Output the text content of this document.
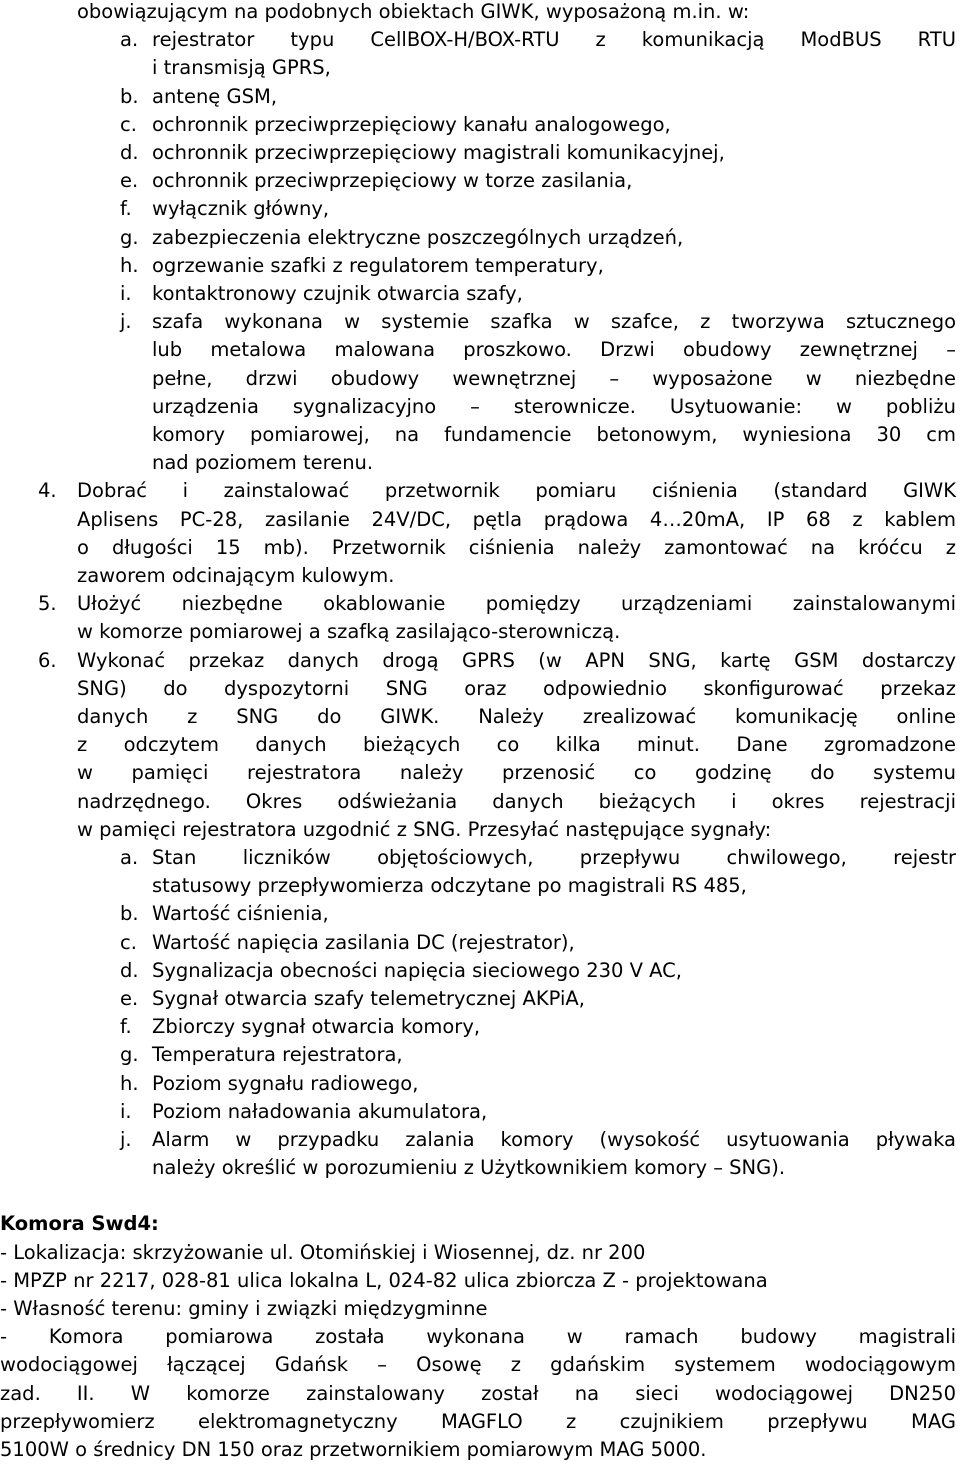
obowiązującym na podobnych obiektach GIWK, wyposażoną m.in. w:
a. rejestrator typu CellBOX-H/BOX-RTU z komunikacją ModBUS RTU
i transmisją GPRS,
b. antenę GSM,
c. ochronnik przeciwprzepięciowy kanału analogowego,
d. ochronnik przeciwprzepięciowy magistrali komunikacyjnej,
e. ochronnik przeciwprzepięciowy w torze zasilania,
f. wyłącznik główny,
g. zabezpieczenia elektryczne poszczególnych urządzeń,
h. ogrzewanie szafki z regulatorem temperatury,
i. kontaktronowy czujnik otwarcia szafy,
j. szafa wykonana w systemie szafka w szafce, z tworzywa sztucznego
lub metalowa malowana proszkowo. Drzwi obudowy zewnętrznej –
pełne, drzwi obudowy wewnętrznej – wyposażone w niezbędne
urządzenia sygnalizacyjno – sterownicze. Usytuowanie: w pobliżu
komory pomiarowej, na fundamencie betonowym, wyniesiona 30 cm
nad poziomem terenu.
4. Dobrać i zainstalować przetwornik pomiaru ciśnienia (standard GIWK
Aplisens PC-28, zasilanie 24V/DC, pętla prądowa 4…20mA, IP 68 z kablem
o długości 15 mb). Przetwornik ciśnienia należy zamontować na króćcu z
zaworem odcinającym kulowym.
5. Ułożyć niezbędne okablowanie pomiędzy urządzeniami zainstalowanymi
w komorze pomiarowej a szafką zasilająco-sterowniczą.
6. Wykonać przekaz danych drogą GPRS (w APN SNG, kartę GSM dostarczy
SNG) do dyspozytorni SNG oraz odpowiednio skonfigurować przekaz
danych z SNG do GIWK. Należy zrealizować komunikację online
z odczytem danych bieżących co kilka minut. Dane zgromadzone
w pamięci rejestratora należy przenosić co godzinę do systemu
nadrzędnego. Okres odświeżania danych bieżących i okres rejestracji
w pamięci rejestratora uzgodnić z SNG. Przesyłać następujące sygnały:
a. Stan liczników objętościowych, przepływu chwilowego, rejestr
statusowy przepływomierza odczytane po magistrali RS 485,
b. Wartość ciśnienia,
c. Wartość napięcia zasilania DC (rejestrator),
d. Sygnalizacja obecności napięcia sieciowego 230 V AC,
e. Sygnał otwarcia szafy telemetrycznej AKPiA,
f. Zbiorczy sygnał otwarcia komory,
g. Temperatura rejestratora,
h. Poziom sygnału radiowego,
i. Poziom naładowania akumulatora,
j. Alarm w przypadku zalania komory (wysokość usytuowania pływaka
należy określić w porozumieniu z Użytkownikiem komory – SNG).
Komora Swd4:
- Lokalizacja: skrzyżowanie ul. Otomińskiej i Wiosennej, dz. nr 200
- MPZP nr 2217, 028-81 ulica lokalna L, 024-82 ulica zbiorcza Z - projektowana
- Własność terenu: gminy i związki międzygminne
- Komora pomiarowa została wykonana w ramach budowy magistrali
wodociągowej łączącej Gdańsk – Osowę z gdańskim systemem wodociągowym
zad. II. W komorze zainstalowany został na sieci wodociągowej DN250
przepływomierz elektromagnetyczny MAGFLO z czujnikiem przepływu MAG
5100W o średnicy DN 150 oraz przetwornikiem pomiarowym MAG 5000.
